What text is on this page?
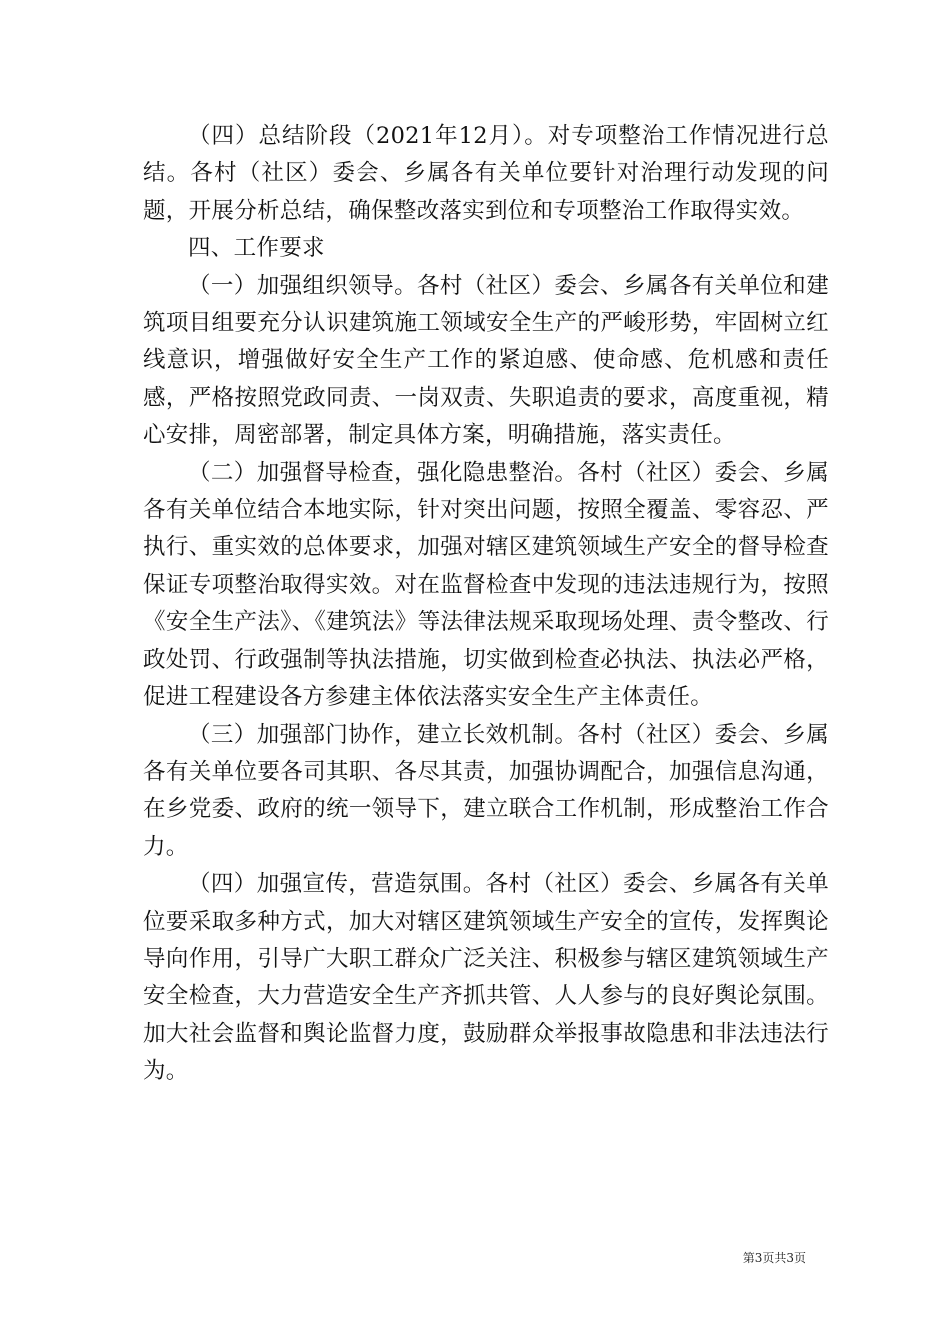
（四）总结阶段（2021年12月）。对专项整治工作情况进行总结。各村（社区）委会、乡属各有关单位要针对治理行动发现的问题，开展分析总结，确保整改落实到位和专项整治工作取得实效。

四、工作要求

（一）加强组织领导。各村（社区）委会、乡属各有关单位和建筑项目组要充分认识建筑施工领域安全生产的严峻形势，牢固树立红线意识，增强做好安全生产工作的紧迫感、使命感、危机感和责任感，严格按照党政同责、一岗双责、失职追责的要求，高度重视，精心安排，周密部署，制定具体方案，明确措施，落实责任。

（二）加强督导检查，强化隐患整治。各村（社区）委会、乡属各有关单位结合本地实际，针对突出问题，按照全覆盖、零容忍、严执行、重实效的总体要求，加强对辖区建筑领域生产安全的督导检查保证专项整治取得实效。对在监督检查中发现的违法违规行为，按照《安全生产法》、《建筑法》等法律法规采取现场处理、责令整改、行政处罚、行政强制等执法措施，切实做到检查必执法、执法必严格，促进工程建设各方参建主体依法落实安全生产主体责任。

（三）加强部门协作，建立长效机制。各村（社区）委会、乡属各有关单位要各司其职、各尽其责，加强协调配合，加强信息沟通，在乡党委、政府的统一领导下，建立联合工作机制，形成整治工作合力。

（四）加强宣传，营造氛围。各村（社区）委会、乡属各有关单位要采取多种方式，加大对辖区建筑领域生产安全的宣传，发挥舆论导向作用，引导广大职工群众广泛关注、积极参与辖区建筑领域生产安全检查，大力营造安全生产齐抓共管、人人参与的良好舆论氛围。加大社会监督和舆论监督力度，鼓励群众举报事故隐患和非法违法行为。

第3页共3页
